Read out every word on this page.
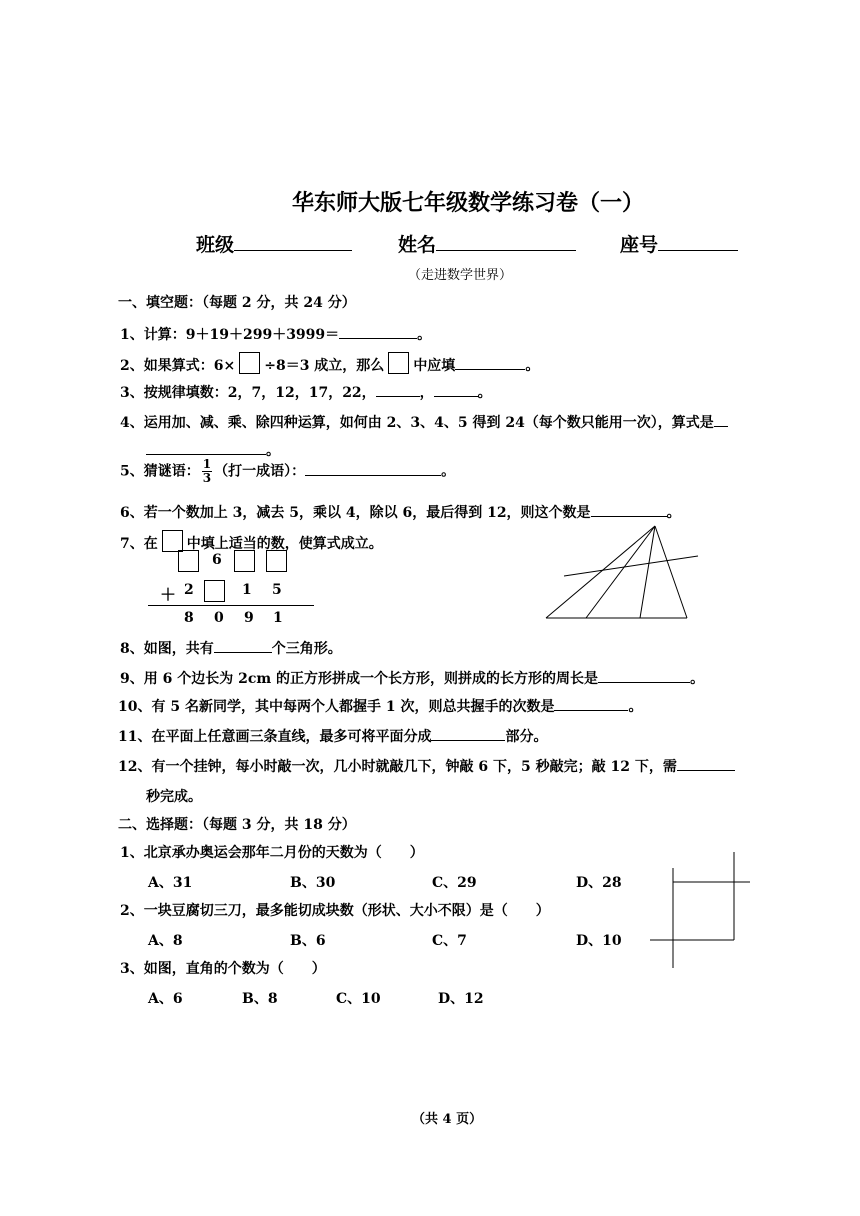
华东师大版七年级数学练习卷（一）
班级	姓名	座号
（走进数学世界）
一、填空题：（每题 2 分，共 24 分）
1、计算：9＋19＋299＋3999＝	。
2、如果算式：6× ÷8＝3 成立，那么 中应填	。
3、按规律填数：2，7，12，17，22，	，	。
4、运用加、减、乘、除四种运算，如何由 2、3、4、5 得到 24（每个数只能用一次），算式是
。
5、猜谜语： $\frac{1}{3}$ （打一成语）：	。
6、若一个数加上 3，减去 5，乘以 4，除以 6，最后得到 12，则这个数是	。
7、在 中填上适当的数，使算式成立。
6
＋ 2	1 5
8 0 9 1
8、如图，共有	个三角形。
9、用 6 个边长为 2cm 的正方形拼成一个长方形，则拼成的长方形的周长是	。
10、有 5 名新同学，其中每两个人都握手 1 次，则总共握手的次数是	。
11、在平面上任意画三条直线，最多可将平面分成	部分。
12、有一个挂钟，每小时敲一次，几小时就敲几下，钟敲 6 下，5 秒敲完；敲 12 下，需
秒完成。
二、选择题：（每题 3 分，共 18 分）
1、北京承办奥运会那年二月份的天数为（　　）
A、31	B、30	C、29	D、28
2、一块豆腐切三刀，最多能切成块数（形状、大小不限）是（　　）
A、8	B、6	C、7	D、10
3、如图，直角的个数为（　　）
A、6	B、8	C、10	D、12
（共 4 页）
